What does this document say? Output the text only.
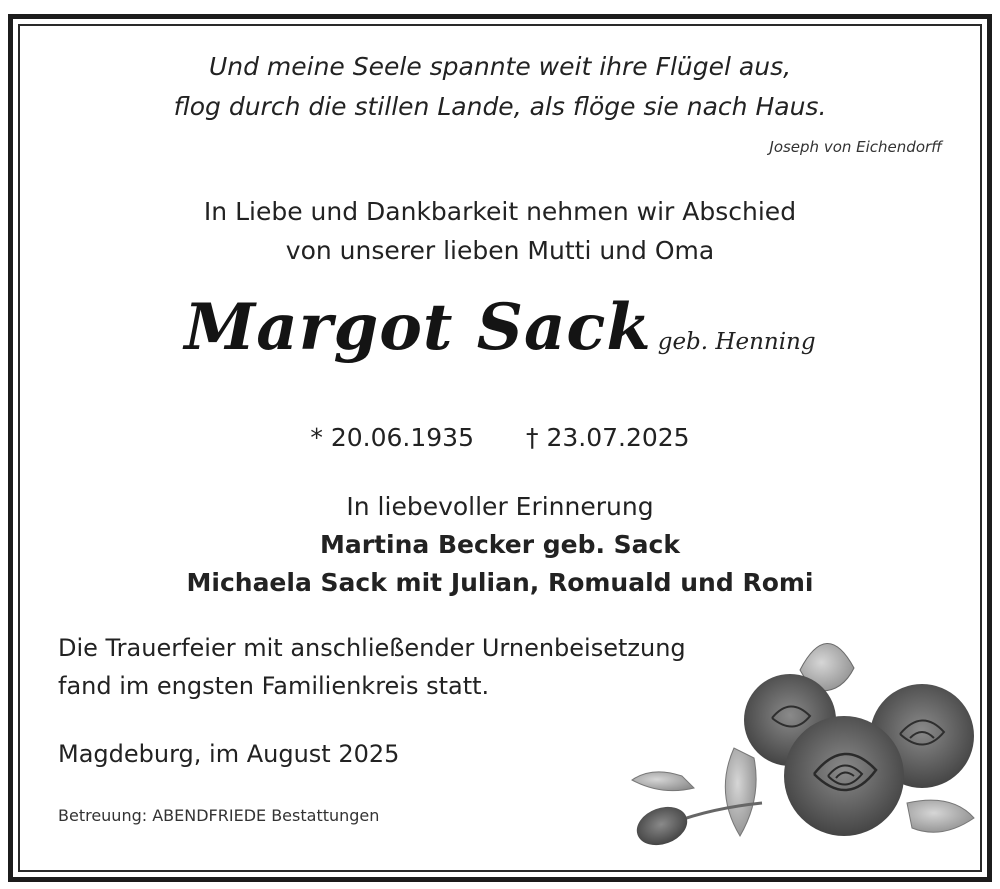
Und meine Seele spannte weit ihre Flügel aus,
flog durch die stillen Lande, als flöge sie nach Haus.
Joseph von Eichendorff
In Liebe und Dankbarkeit nehmen wir Abschied
von unserer lieben Mutti und Oma
Margot Sack geb. Henning
* 20.06.1935 † 23.07.2025
In liebevoller Erinnerung
Martina Becker geb. Sack
Michaela Sack mit Julian, Romuald und Romi
Die Trauerfeier mit anschließender Urnenbeisetzung
fand im engsten Familienkreis statt.
Magdeburg, im August 2025
Betreuung: ABENDFRIEDE Bestattungen
